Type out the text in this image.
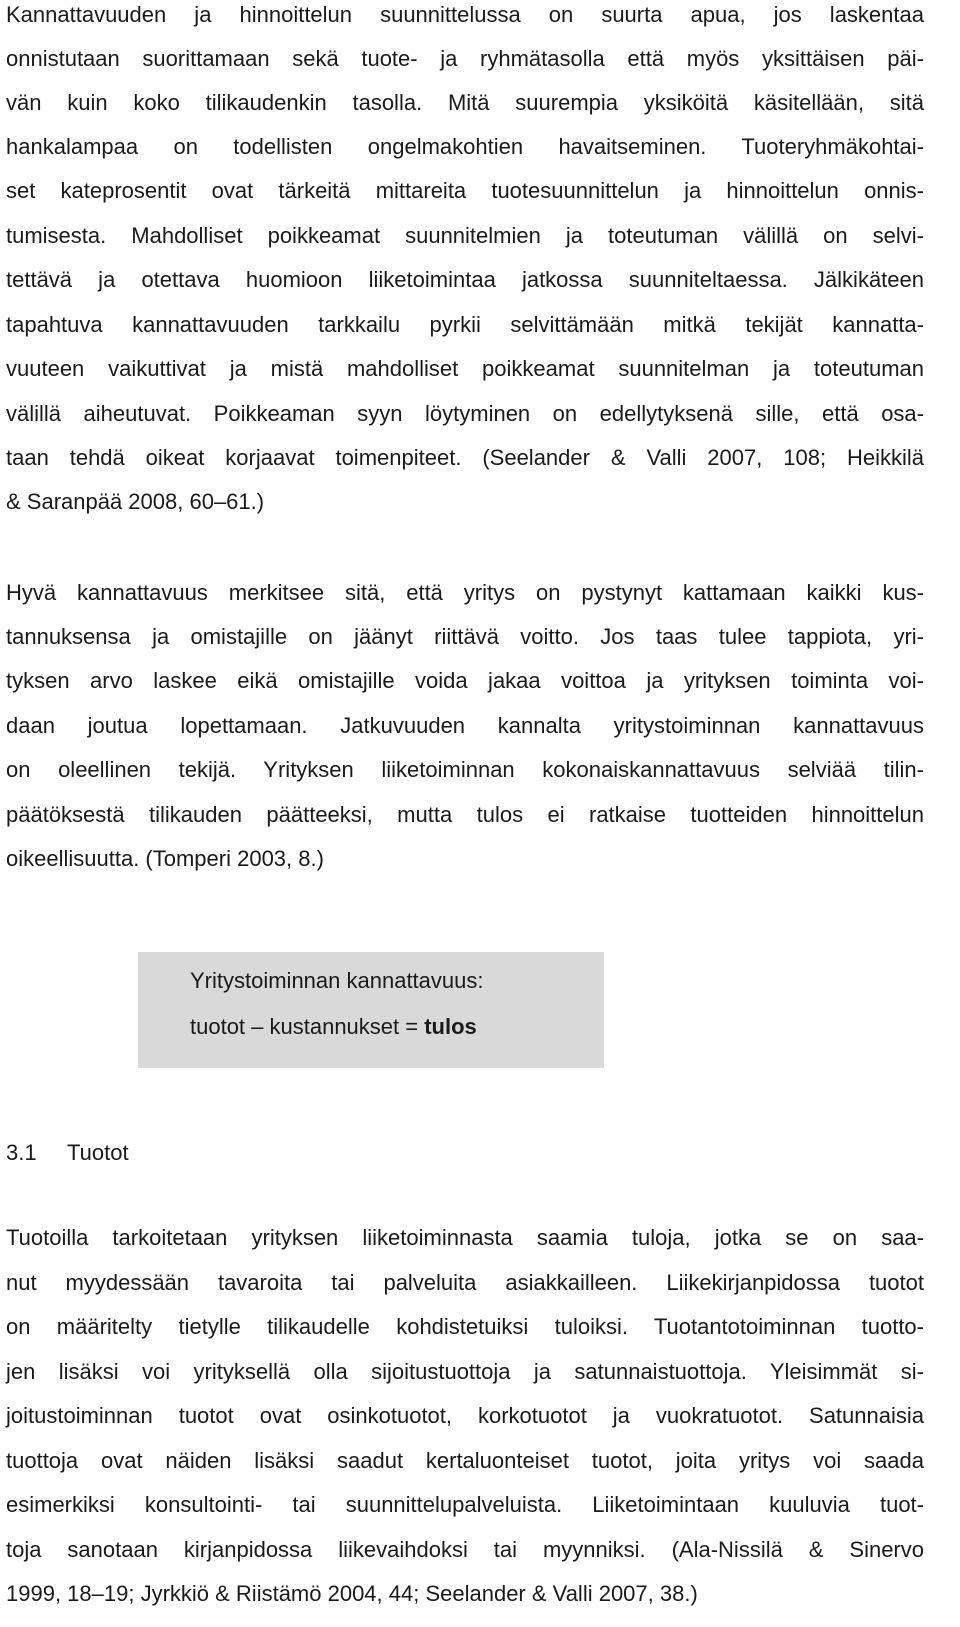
Kannattavuuden ja hinnoittelun suunnittelussa on suurta apua, jos laskentaa
onnistutaan suorittamaan sekä tuote- ja ryhmätasolla että myös yksittäisen päi-
vän kuin koko tilikaudenkin tasolla. Mitä suurempia yksiköitä käsitellään, sitä
hankalampaa on todellisten ongelmakohtien havaitseminen. Tuoteryhmäkohtai-
set kateprosentit ovat tärkeitä mittareita tuotesuunnittelun ja hinnoittelun onnis-
tumisesta. Mahdolliset poikkeamat suunnitelmien ja toteutuman välillä on selvi-
tettävä ja otettava huomioon liiketoimintaa jatkossa suunniteltaessa. Jälkikäteen
tapahtuva kannattavuuden tarkkailu pyrkii selvittämään mitkä tekijät kannatta-
vuuteen vaikuttivat ja mistä mahdolliset poikkeamat suunnitelman ja toteutuman
välillä aiheutuvat. Poikkeaman syyn löytyminen on edellytyksenä sille, että osa-
taan tehdä oikeat korjaavat toimenpiteet. (Seelander & Valli 2007, 108; Heikkilä
& Saranpää 2008, 60–61.)
Hyvä kannattavuus merkitsee sitä, että yritys on pystynyt kattamaan kaikki kus-
tannuksensa ja omistajille on jäänyt riittävä voitto. Jos taas tulee tappiota, yri-
tyksen arvo laskee eikä omistajille voida jakaa voittoa ja yrityksen toiminta voi-
daan joutua lopettamaan. Jatkuvuuden kannalta yritystoiminnan kannattavuus
on oleellinen tekijä. Yrityksen liiketoiminnan kokonaiskannattavuus selviää tilin-
päätöksestä tilikauden päätteeksi, mutta tulos ei ratkaise tuotteiden hinnoittelun
oikeellisuutta. (Tomperi 2003, 8.)
3.1 Tuotot
Tuotoilla tarkoitetaan yrityksen liiketoiminnasta saamia tuloja, jotka se on saa-
nut myydessään tavaroita tai palveluita asiakkailleen. Liikekirjanpidossa tuotot
on määritelty tietylle tilikaudelle kohdistetuiksi tuloiksi. Tuotantotoiminnan tuotto-
jen lisäksi voi yrityksellä olla sijoitustuottoja ja satunnaistuottoja. Yleisimmät si-
joitustoiminnan tuotot ovat osinkotuotot, korkotuotot ja vuokratuotot. Satunnaisia
tuottoja ovat näiden lisäksi saadut kertaluonteiset tuotot, joita yritys voi saada
esimerkiksi konsultointi- tai suunnittelupalveluista. Liiketoimintaan kuuluvia tuot-
toja sanotaan kirjanpidossa liikevaihdoksi tai myynniksi. (Ala-Nissilä & Sinervo
1999, 18–19; Jyrkkiö & Riistämö 2004, 44; Seelander & Valli 2007, 38.)
Yritystoiminnan kannattavuus:
tuotot – kustannukset = tulos
